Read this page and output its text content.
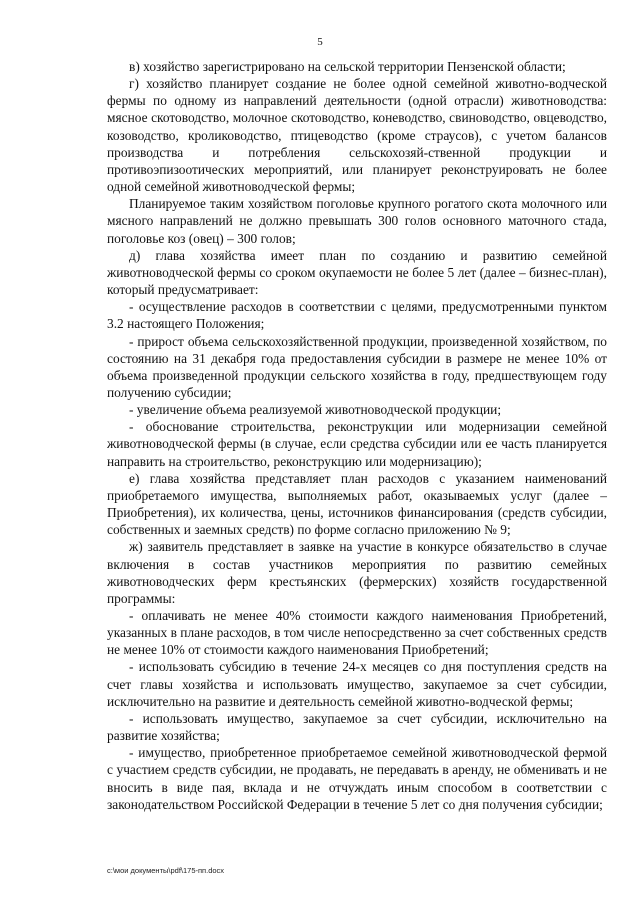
5

в) хозяйство зарегистрировано на сельской территории Пензенской области;

г) хозяйство планирует создание не более одной семейной животно-водческой фермы по одному из направлений деятельности (одной отрасли) животноводства: мясное скотоводство, молочное скотоводство, коневодство, свиноводство, овцеводство, козоводство, кролиководство, птицеводство (кроме страусов), с учетом балансов производства и потребления сельскохозяй-ственной продукции и противоэпизоотических мероприятий, или планирует реконструировать не более одной семейной животноводческой фермы;

Планируемое таким хозяйством поголовье крупного рогатого скота молочного или мясного направлений не должно превышать 300 голов основного маточного стада, поголовье коз (овец) – 300 голов;

д) глава хозяйства имеет план по созданию и развитию семейной животноводческой фермы со сроком окупаемости не более 5 лет (далее – бизнес-план), который предусматривает:

- осуществление расходов в соответствии с целями, предусмотренными пунктом 3.2 настоящего Положения;

- прирост объема сельскохозяйственной продукции, произведенной хозяйством, по состоянию на 31 декабря года предоставления субсидии в размере не менее 10% от объема произведенной продукции сельского хозяйства в году, предшествующем году получению субсидии;

- увеличение объема реализуемой животноводческой продукции;

- обоснование строительства, реконструкции или модернизации семейной животноводческой фермы (в случае, если средства субсидии или ее часть планируется направить на строительство, реконструкцию или модернизацию);

е) глава хозяйства представляет план расходов с указанием наименований приобретаемого имущества, выполняемых работ, оказываемых услуг (далее – Приобретения), их количества, цены, источников финансирования (средств субсидии, собственных и заемных средств) по форме согласно приложению № 9;

ж) заявитель представляет в заявке на участие в конкурсе обязательство в случае включения в состав участников мероприятия по развитию семейных животноводческих ферм крестьянских (фермерских) хозяйств государственной программы:

- оплачивать не менее 40% стоимости каждого наименования Приобретений, указанных в плане расходов, в том числе непосредственно за счет собственных средств не менее 10% от стоимости каждого наименования Приобретений;

- использовать субсидию в течение 24-х месяцев со дня поступления средств на счет главы хозяйства и использовать имущество, закупаемое за счет субсидии, исключительно на развитие и деятельность семейной животно-водческой фермы;

- использовать имущество, закупаемое за счет субсидии, исключительно на развитие хозяйства;

- имущество, приобретенное приобретаемое семейной животноводческой фермой с участием средств субсидии, не продавать, не передавать в аренду, не обменивать и не вносить в виде пая, вклада и не отчуждать иным способом в соответствии с законодательством Российской Федерации в течение 5 лет со дня получения субсидии;

c:\мои документы\pdf\175-пп.docx
